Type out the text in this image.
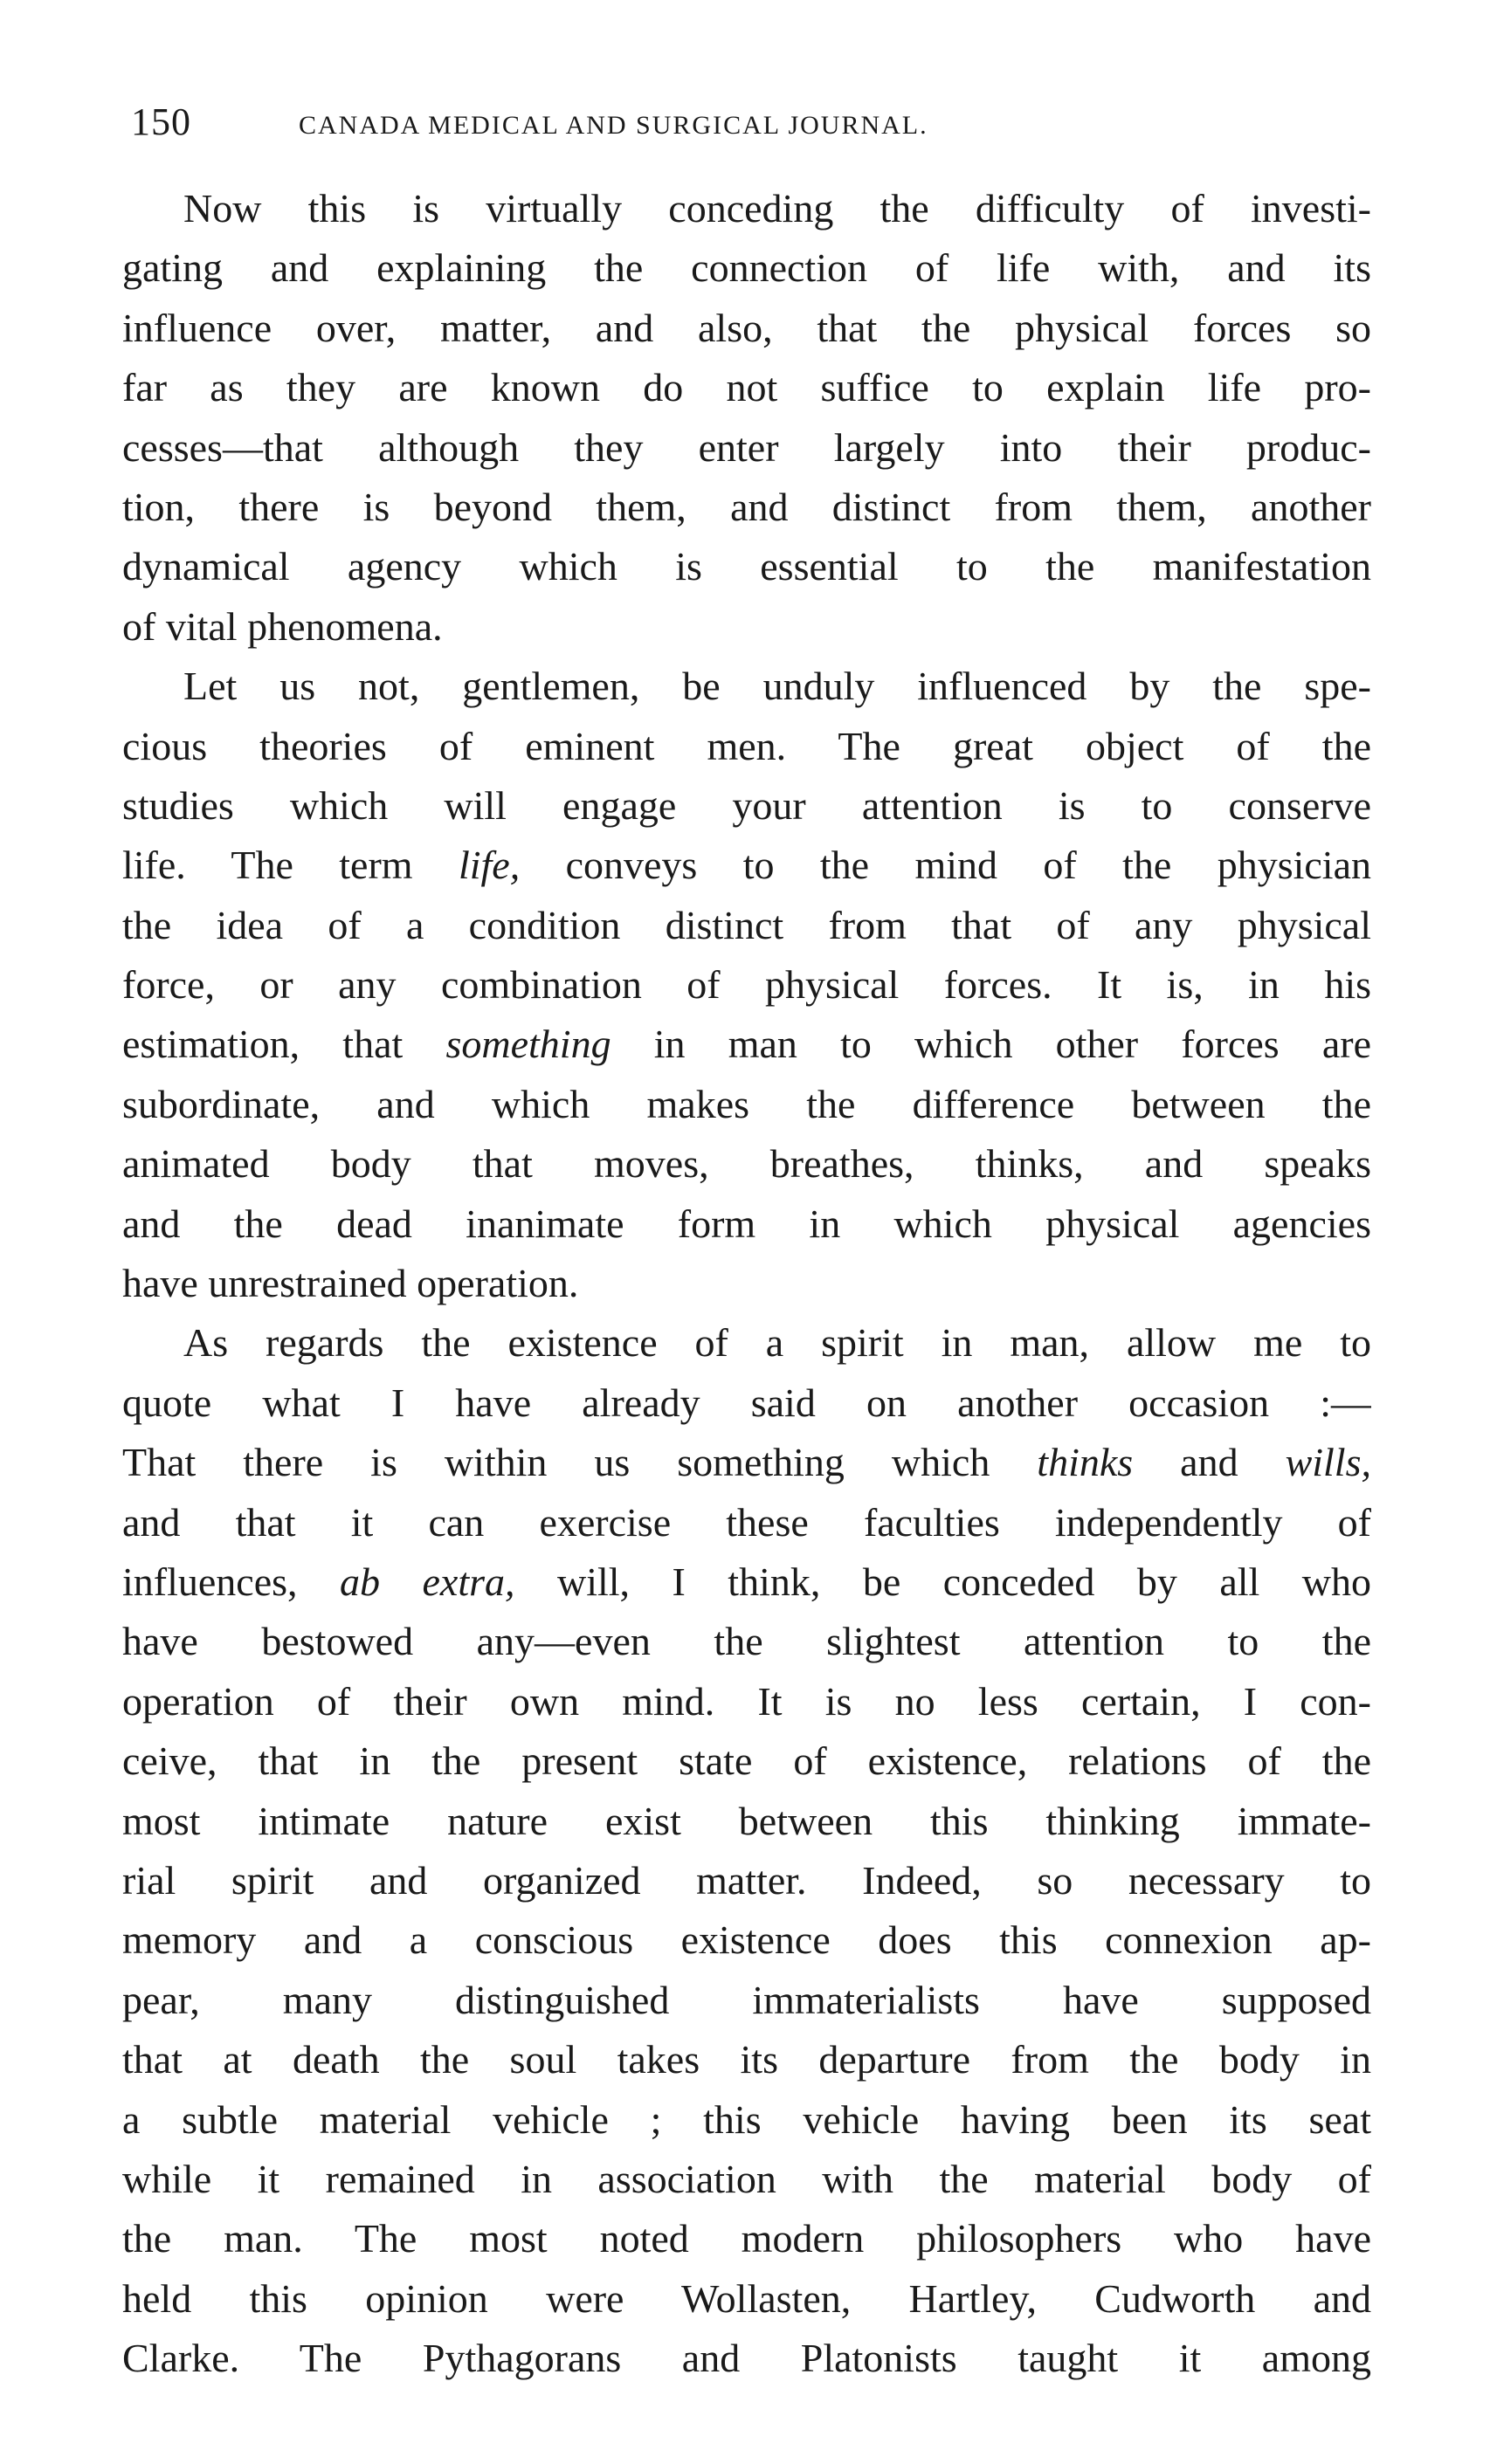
150	CANADA MEDICAL AND SURGICAL JOURNAL.
Now this is virtually conceding the difficulty of investi-
gating and explaining the connection of life with, and its
influence over, matter, and also, that the physical forces so
far as they are known do not suffice to explain life pro-
cesses—that although they enter largely into their produc-
tion, there is beyond them, and distinct from them, another
dynamical agency which is essential to the manifestation
of vital phenomena.
Let us not, gentlemen, be unduly influenced by the spe-
cious theories of eminent men. The great object of the
studies which will engage your attention is to conserve
life. The term life, conveys to the mind of the physician
the idea of a condition distinct from that of any physical
force, or any combination of physical forces. It is, in his
estimation, that something in man to which other forces are
subordinate, and which makes the difference between the
animated body that moves, breathes, thinks, and speaks
and the dead inanimate form in which physical agencies
have unrestrained operation.
As regards the existence of a spirit in man, allow me to
quote what I have already said on another occasion :—
That there is within us something which thinks and wills,
and that it can exercise these faculties independently of
influences, ab extra, will, I think, be conceded by all who
have bestowed any—even the slightest attention to the
operation of their own mind. It is no less certain, I con-
ceive, that in the present state of existence, relations of the
most intimate nature exist between this thinking immate-
rial spirit and organized matter. Indeed, so necessary to
memory and a conscious existence does this connexion ap-
pear, many distinguished immaterialists have supposed
that at death the soul takes its departure from the body in
a subtle material vehicle ; this vehicle having been its seat
while it remained in association with the material body of
the man. The most noted modern philosophers who have
held this opinion were Wollasten, Hartley, Cudworth and
Clarke. The Pythagorans and Platonists taught it among
